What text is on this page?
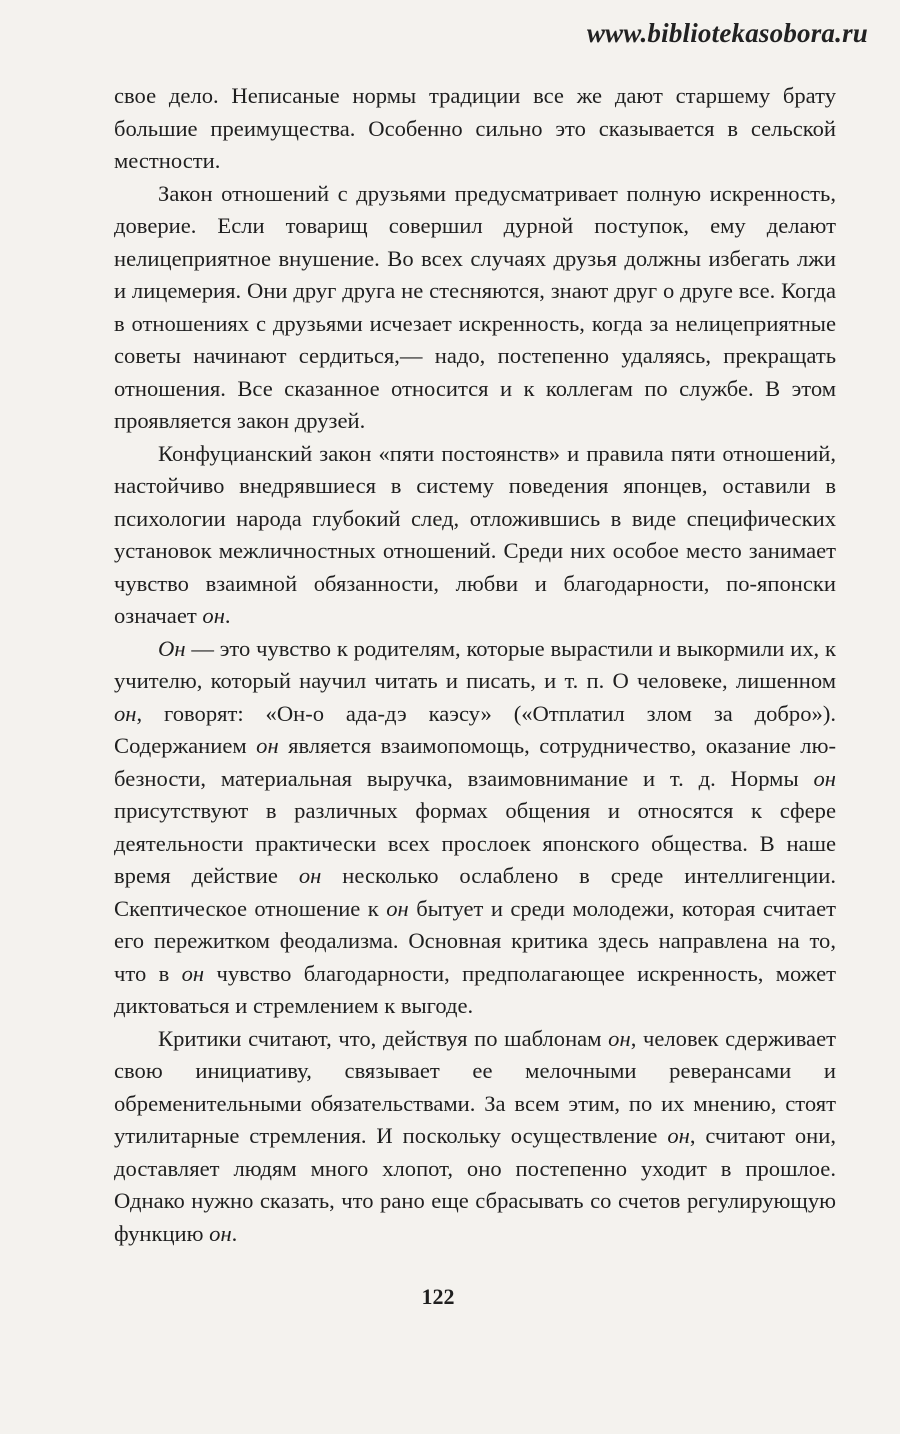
www.bibliotekasobora.ru

свое дело. Неписаные нормы традиции все же дают старшему брату большие преимущества. Особенно сильно это сказывается в сельской местности.

Закон отношений с друзьями предусматривает полную искренность, доверие. Если товарищ совершил дурной поступок, ему делают нелицеприятное внушение. Во всех случаях друзья должны избегать лжи и лицемерия. Они друг друга не стесняются, знают друг о друге все. Когда в отношениях с друзьями исчезает искренность, когда за нелицеприятные советы начинают сердиться,— надо, постепенно удаляясь, прекращать отношения. Все сказанное относится и к коллегам по службе. В этом проявляется закон друзей.

Конфуцианский закон «пяти постоянств» и правила пяти отношений, настойчиво внедрявшиеся в систему поведения японцев, оставили в психологии народа глубокий след, отложившись в виде специфических установок межличностных отношений. Среди них особое место занимает чувство взаимной обязанности, любви и благодарности, по-японски означает он.

Он — это чувство к родителям, которые вырастили и выкормили их, к учителю, который научил читать и писать, и т. п. О человеке, лишенном он, говорят: «Он-о ада-дэ каэсу» («Отплатил злом за добро»). Содержанием он является взаимопомощь, сотрудничество, оказание любезности, материальная выручка, взаимовнимание и т. д. Нормы он присутствуют в различных формах общения и относятся к сфере деятельности практически всех прослоек японского общества. В наше время действие он несколько ослаблено в среде интеллигенции. Скептическое отношение к он бытует и среди молодежи, которая считает его пережитком феодализма. Основная критика здесь направлена на то, что в он чувство благодарности, предполагающее искренность, может диктоваться и стремлением к выгоде.

Критики считают, что, действуя по шаблонам он, человек сдерживает свою инициативу, связывает ее мелочными реверансами и обременительными обязательствами. За всем этим, по их мнению, стоят утилитарные стремления. И поскольку осуществление он, считают они, доставляет людям много хлопот, оно постепенно уходит в прошлое. Однако нужно сказать, что рано еще сбрасывать со счетов регулирующую функцию он.

122
